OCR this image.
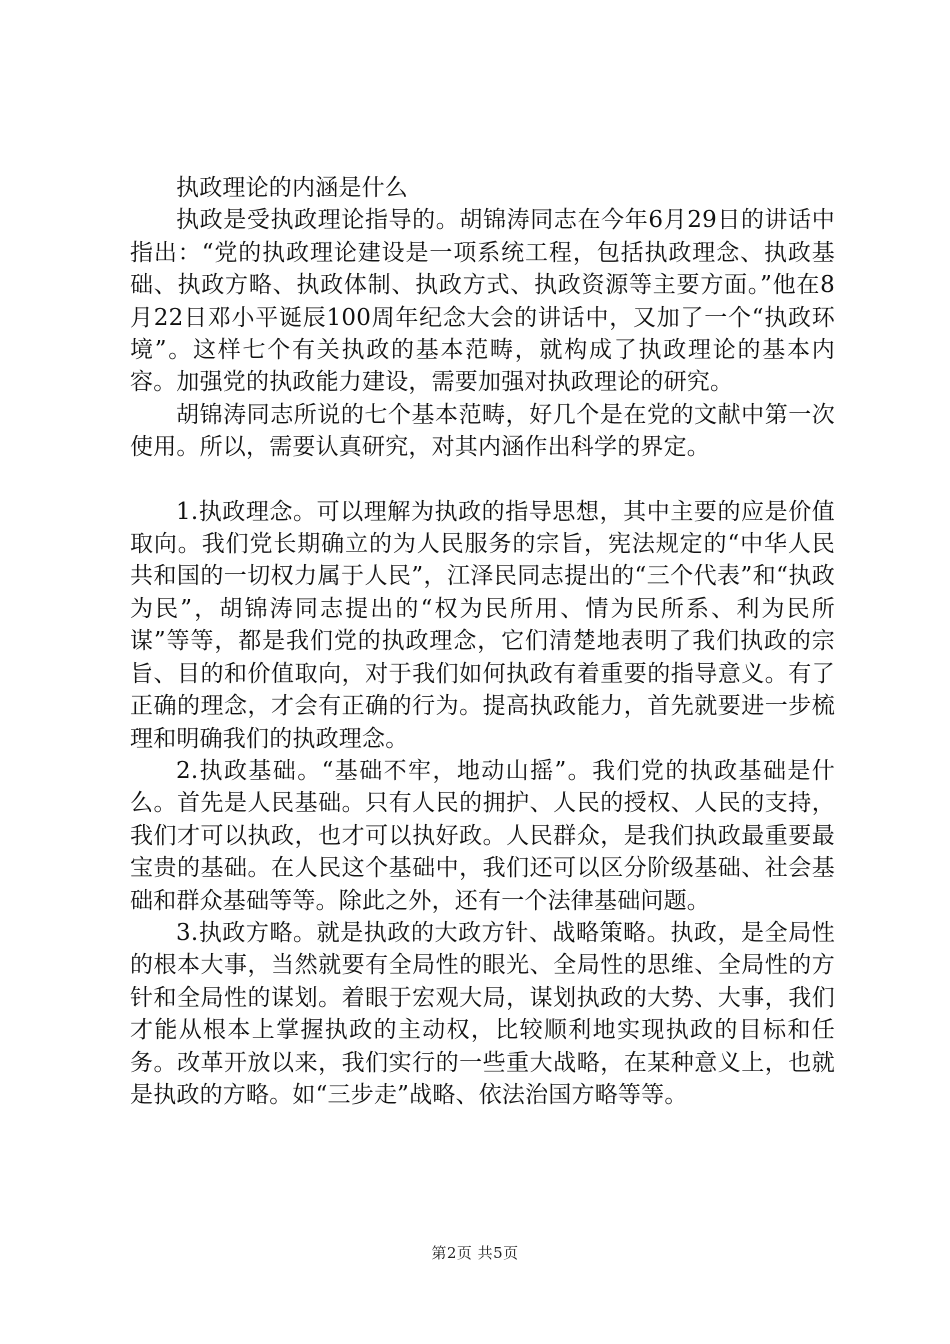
执政理论的内涵是什么

执政是受执政理论指导的。胡锦涛同志在今年6月29日的讲话中指出：“党的执政理论建设是一项系统工程，包括执政理念、执政基础、执政方略、执政体制、执政方式、执政资源等主要方面。”他在8月22日邓小平诞辰100周年纪念大会的讲话中，又加了一个“执政环境”。这样七个有关执政的基本范畴，就构成了执政理论的基本内容。加强党的执政能力建设，需要加强对执政理论的研究。

胡锦涛同志所说的七个基本范畴，好几个是在党的文献中第一次使用。所以，需要认真研究，对其内涵作出科学的界定。

1.执政理念。可以理解为执政的指导思想，其中主要的应是价值取向。我们党长期确立的为人民服务的宗旨，宪法规定的“中华人民共和国的一切权力属于人民”，江泽民同志提出的“三个代表”和“执政为民”，胡锦涛同志提出的“权为民所用、情为民所系、利为民所谋”等等，都是我们党的执政理念，它们清楚地表明了我们执政的宗旨、目的和价值取向，对于我们如何执政有着重要的指导意义。有了正确的理念，才会有正确的行为。提高执政能力，首先就要进一步梳理和明确我们的执政理念。

2.执政基础。“基础不牢，地动山摇”。我们党的执政基础是什么。首先是人民基础。只有人民的拥护、人民的授权、人民的支持，我们才可以执政，也才可以执好政。人民群众，是我们执政最重要最宝贵的基础。在人民这个基础中，我们还可以区分阶级基础、社会基础和群众基础等等。除此之外，还有一个法律基础问题。

3.执政方略。就是执政的大政方针、战略策略。执政，是全局性的根本大事，当然就要有全局性的眼光、全局性的思维、全局性的方针和全局性的谋划。着眼于宏观大局，谋划执政的大势、大事，我们才能从根本上掌握执政的主动权，比较顺利地实现执政的目标和任务。改革开放以来，我们实行的一些重大战略，在某种意义上，也就是执政的方略。如“三步走”战略、依法治国方略等等。

第2页 共5页
